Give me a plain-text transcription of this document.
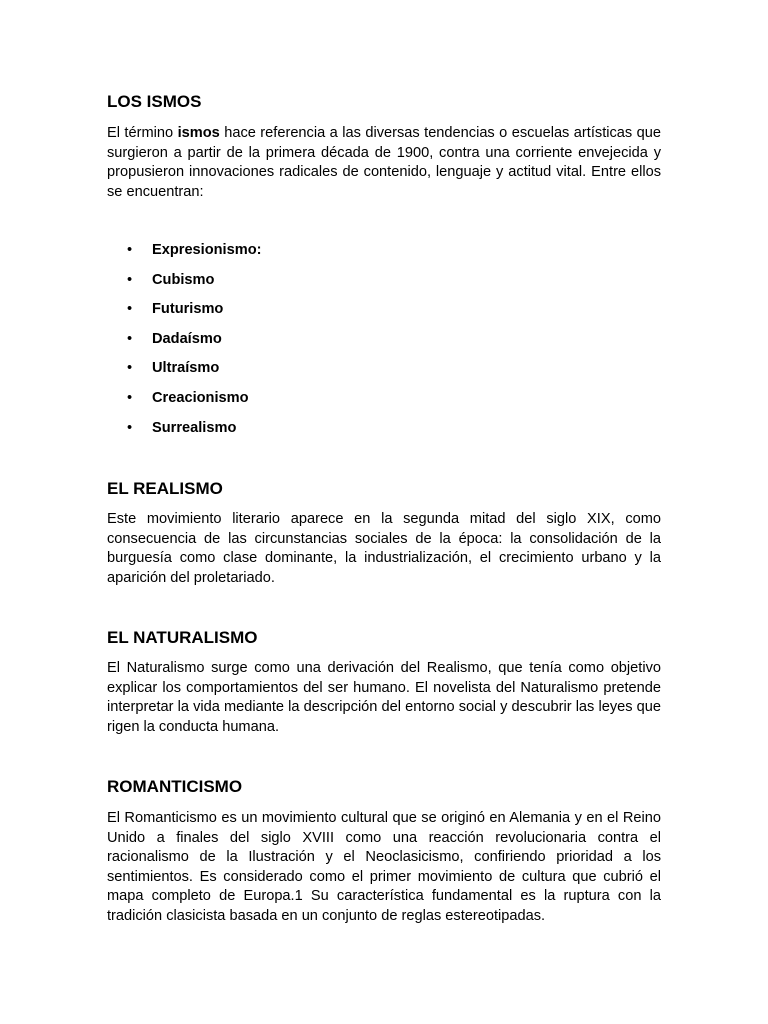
LOS ISMOS

El término ismos hace referencia a las diversas tendencias o escuelas artísticas que surgieron a partir de la primera década de 1900, contra una corriente envejecida y propusieron innovaciones radicales de contenido, lenguaje y actitud vital. Entre ellos se encuentran:

• Expresionismo:
• Cubismo
• Futurismo
• Dadaísmo
• Ultraísmo
• Creacionismo
• Surrealismo
EL REALISMO

Este movimiento literario aparece en la segunda mitad del siglo XIX, como consecuencia de las circunstancias sociales de la época: la consolidación de la burguesía como clase dominante, la industrialización, el crecimiento urbano y la aparición del proletariado.

EL NATURALISMO

El Naturalismo surge como una derivación del Realismo, que tenía como objetivo explicar los comportamientos del ser humano. El novelista del Naturalismo pretende interpretar la vida mediante la descripción del entorno social y descubrir las leyes que rigen la conducta humana.

ROMANTICISMO

El Romanticismo es un movimiento cultural que se originó en Alemania y en el Reino Unido a finales del siglo XVIII como una reacción revolucionaria contra el racionalismo de la Ilustración y el Neoclasicismo, confiriendo prioridad a los sentimientos. Es considerado como el primer movimiento de cultura que cubrió el mapa completo de Europa.1 Su característica fundamental es la ruptura con la tradición clasicista basada en un conjunto de reglas estereotipadas.
